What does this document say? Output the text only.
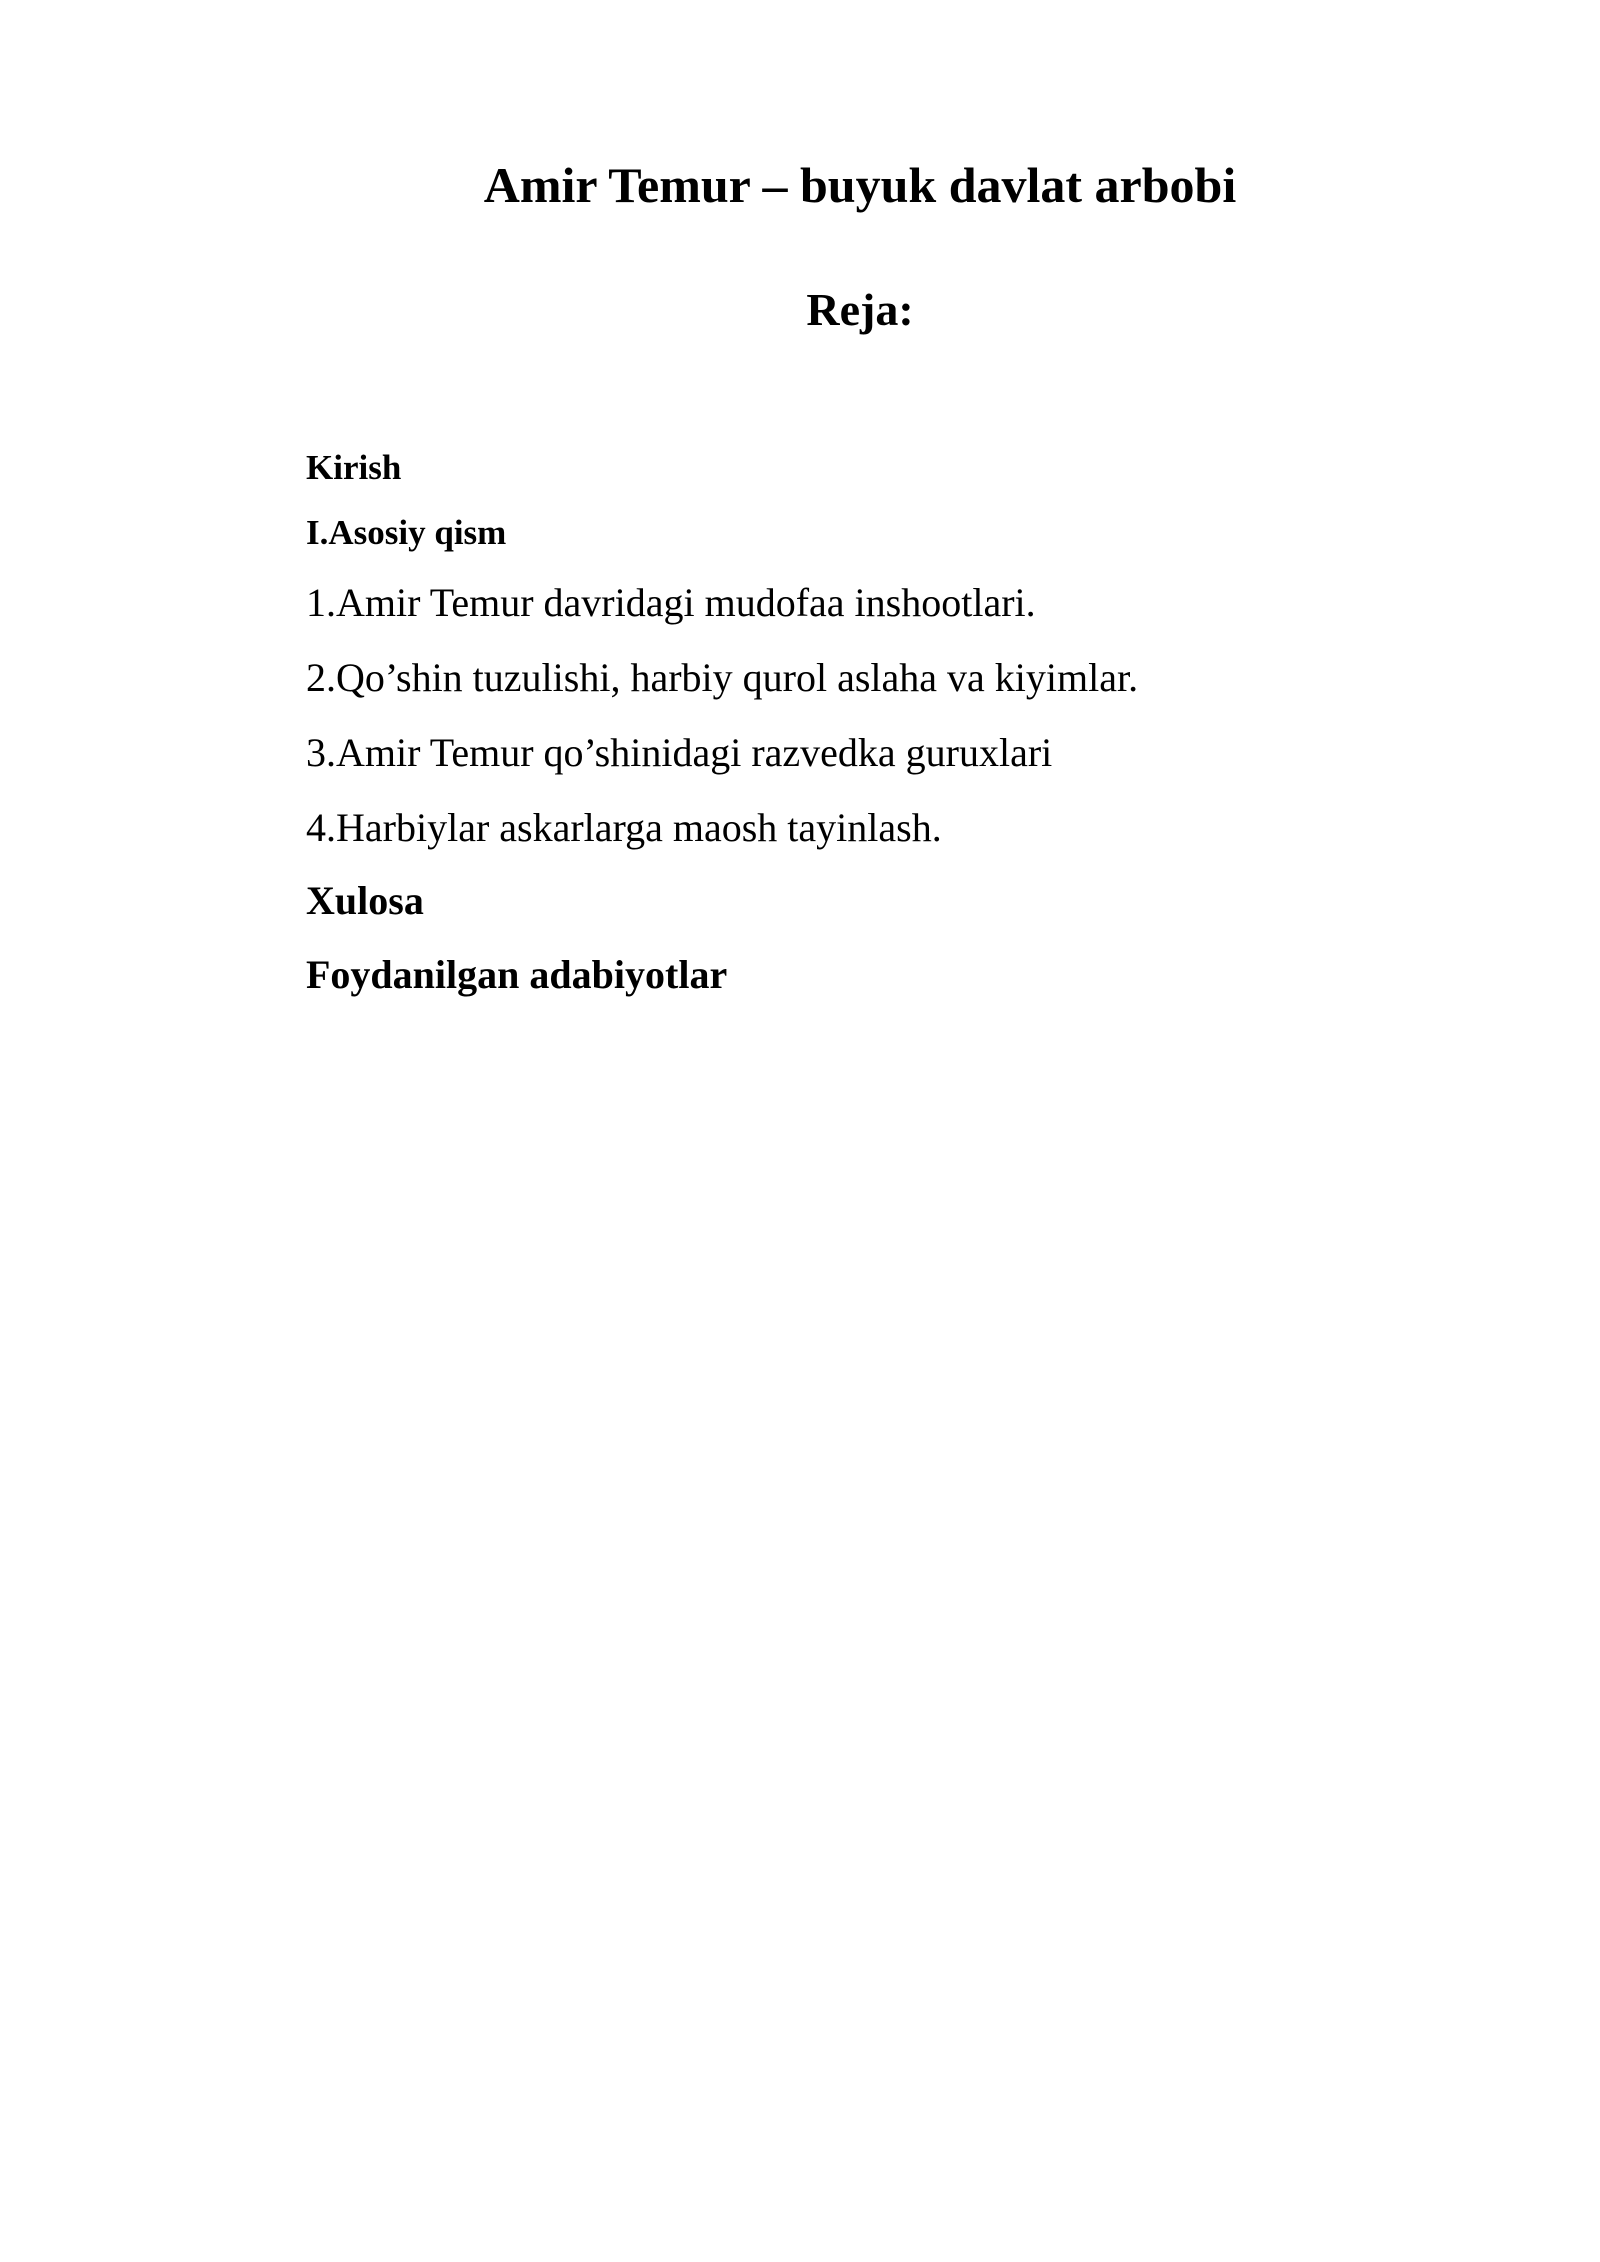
Amir Temur – buyuk davlat arbobi
Reja:
Kirish
I.Asosiy qism
1.Amir Temur davridagi mudofaa inshootlari.
2.Qo’shin tuzulishi, harbiy qurol aslaha va kiyimlar.
3.Amir Temur qo’shinidagi razvedka guruxlari
4.Harbiylar askarlarga maosh tayinlash.
Xulosa
Foydanilgan adabiyotlar
